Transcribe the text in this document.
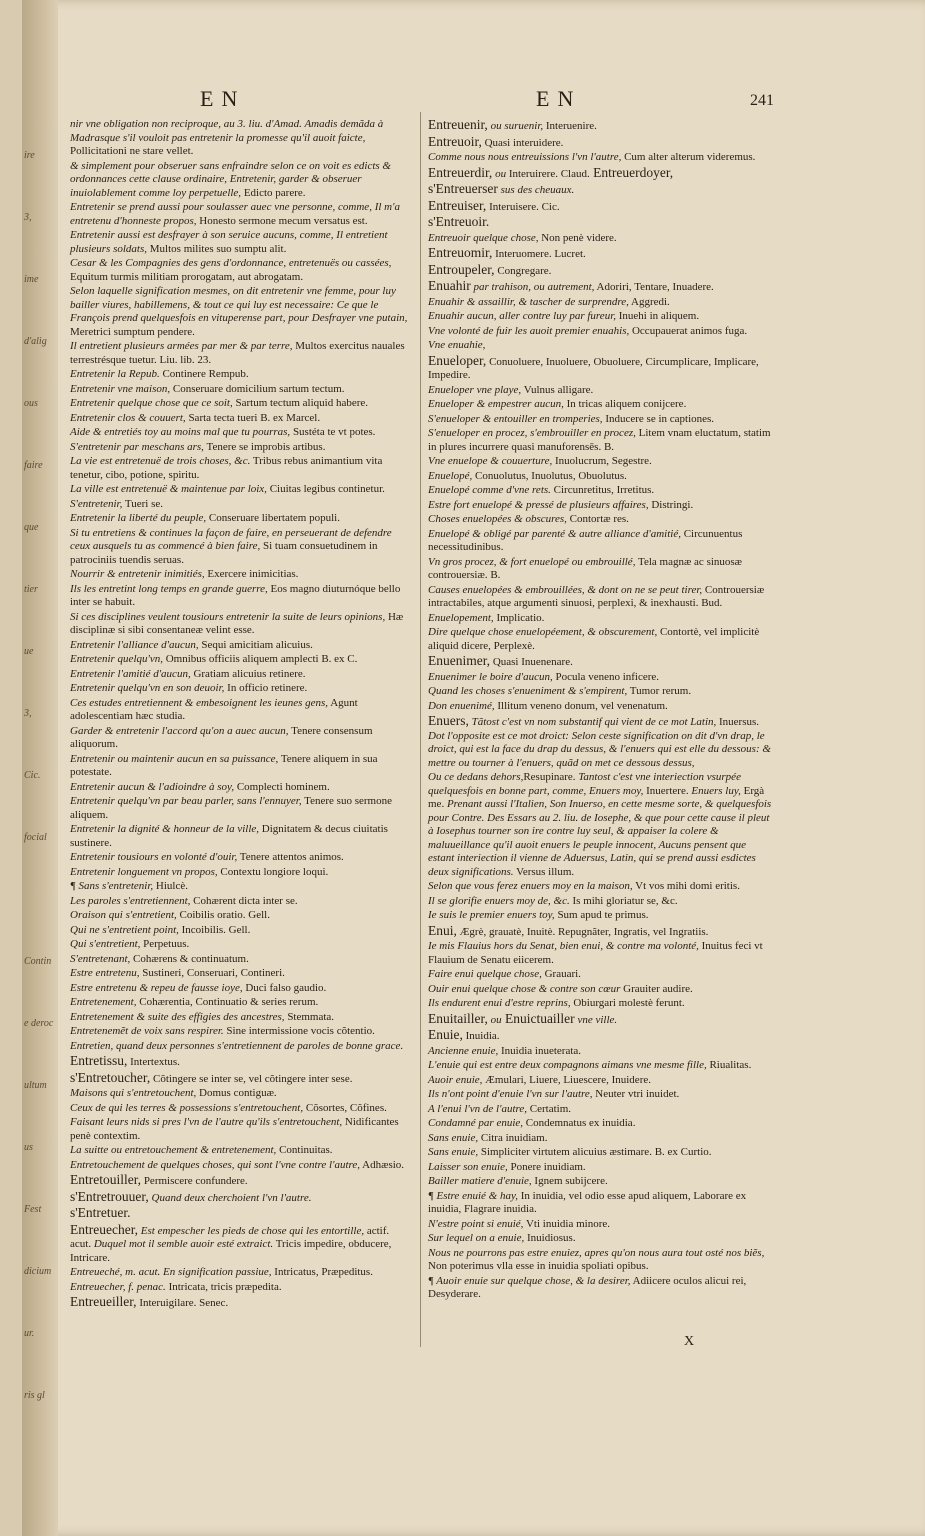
ire
3,
ime
d'alig
ous
faire
que
tier
ue
3,
Cic.
focial
Contin
e deroc
ultum
us
Fest
dicium
ur.
ris gl
EN	EN	241
nir vne obligation non reciproque, au 3. liu. d'Amad. Amadis demãda à Madrasque s'il vouloit pas entretenir la promesse qu'il auoit faicte, Pollicitationi ne stare vellet.
& simplement pour obseruer sans enfraindre selon ce on voit es edicts & ordonnances cette clause ordinaire, Entretenir, garder & obseruer inuiolablement comme loy perpetuelle, Edicto parere.
Entretenir se prend aussi pour soulasser auec vne personne, comme, Il m'a entretenu d'honneste propos, Honesto sermone mecum versatus est.
Entretenir aussi est desfrayer à son seruice aucuns, comme, Il entretient plusieurs soldats, Multos milites suo sumptu alit.
Cesar & les Compagnies des gens d'ordonnance, entretenuës ou cassées, Equitum turmis militiam prorogatam, aut abrogatam.
Selon laquelle signification mesmes, on dit entretenir vne femme, pour luy bailler viures, habillemens, & tout ce qui luy est necessaire: Ce que le François prend quelquesfois en vituperense part, pour Desfrayer vne putain, Meretrici sumptum pendere.
Il entretient plusieurs armées par mer & par terre, Multos exercitus nauales terrestrésque tuetur. Liu. lib. 23.
Entretenir la Repub. Continere Rempub.
Entretenir vne maison, Conseruare domicilium sartum tectum.
Entretenir quelque chose que ce soit, Sartum tectum aliquid habere.
Entretenir clos & couuert, Sarta tecta tueri B. ex Marcel.
Aide & entretiés toy au moins mal que tu pourras, Sustéta te vt potes.
S'entretenir par meschans ars, Tenere se improbis artibus.
La vie est entretenuë de trois choses, &c. Tribus rebus animantium vita tenetur, cibo, potione, spiritu.
La ville est entretenuë & maintenue par loix, Ciuitas legibus continetur.
S'entretenir, Tueri se.
Entretenir la liberté du peuple, Conseruare libertatem populi.
Si tu entretiens & continues la façon de faire, en perseuerant de defendre ceux ausquels tu as commencé à bien faire, Si tuam consuetudinem in patrociniis tuendis seruas.
Nourrir & entretenir inimitiés, Exercere inimicitias.
Ils les entretint long temps en grande guerre, Eos magno diuturnóque bello inter se habuit.
Si ces disciplines veulent tousiours entretenir la suite de leurs opinions, Hæ disciplinæ si sibi consentaneæ velint esse.
Entretenir l'alliance d'aucun, Sequi amicitiam alicuius.
Entretenir quelqu'vn, Omnibus officiis aliquem amplecti B. ex C.
Entretenir l'amitié d'aucun, Gratiam alicuius retinere.
Entretenir quelqu'vn en son deuoir, In officio retinere.
Ces estudes entretiennent & embesoignent les ieunes gens, Agunt adolescentiam hæc studia.
Garder & entretenir l'accord qu'on a auec aucun, Tenere consensum aliquorum.
Entretenir ou maintenir aucun en sa puissance, Tenere aliquem in sua potestate.
Entretenir aucun & l'adioindre à soy, Complecti hominem.
Entretenir quelqu'vn par beau parler, sans l'ennuyer, Tenere suo sermone aliquem.
Entretenir la dignité & honneur de la ville, Dignitatem & decus ciuitatis sustinere.
Entretenir tousiours en volonté d'ouir, Tenere attentos animos.
Entretenir longuement vn propos, Contextu longiore loqui.
¶ Sans s'entretenir, Hiulcè.
Les paroles s'entretiennent, Cohærent dicta inter se.
Oraison qui s'entretient, Coibilis oratio. Gell.
Qui ne s'entretient point, Incoibilis. Gell.
Qui s'entretient, Perpetuus.
S'entretenant, Cohærens & continuatum.
Estre entretenu, Sustineri, Conseruari, Contineri.
Estre entretenu & repeu de fausse ioye, Duci falso gaudio.
Entretenement, Cohærentia, Continuatio & series rerum.
Entretenement & suite des effigies des ancestres, Stemmata.
Entretenemẽt de voix sans respirer. Sine intermissione vocis cõtentio.
Entretien, quand deux personnes s'entretiennent de paroles de bonne grace.
Entretissu, Intertextus.
s'Entretoucher, Cõtingere se inter se, vel cõtingere inter sese.
Maisons qui s'entretouchent, Domus contiguæ.
Ceux de qui les terres & possessions s'entretouchent, Cõsortes, Cõfines.
Faisant leurs nids si pres l'vn de l'autre qu'ils s'entretouchent, Nidificantes penè contextim.
La suitte ou entretouchement & entretenement, Continuitas.
Entretouchement de quelques choses, qui sont l'vne contre l'autre, Adhæsio.
Entretouiller, Permiscere confundere.
s'Entretrouuer, Quand deux cherchoient l'vn l'autre.
s'Entretuer.
Entreuecher, Est empescher les pieds de chose qui les entortille, actif. acut. Duquel mot il semble auoir esté extraict. Tricis impedire, obducere, Intricare.
Entreueché, m. acut. En signification passiue, Intricatus, Præpeditus.
Entreuecher, f. penac. Intricata, tricis præpedita.
Entreueiller, Interuigilare. Senec.
Entreuenir, ou suruenir, Interuenire.
Entreuoir, Quasi interuidere.
Comme nous nous entreuissions l'vn l'autre, Cum alter alterum videremus.
Entreuerdir, ou Interuirere. Claud. Entreuerdoyer,
s'Entreuerser sus des cheuaux.
Entreuiser, Interuisere. Cic.
s'Entreuoir.
Entreuoir quelque chose, Non penè videre.
Entreuomir, Interuomere. Lucret.
Entroupeler, Congregare.
Enuahir par trahison, ou autrement, Adoriri, Tentare, Inuadere.
Enuahir & assaillir, & tascher de surprendre, Aggredi.
Enuahir aucun, aller contre luy par fureur, Inuehi in aliquem.
Vne volonté de fuir les auoit premier enuahis, Occupauerat animos fuga.
Vne enuahie,
Enueloper, Conuoluere, Inuoluere, Obuoluere, Circumplicare, Implicare, Impedire.
Enueloper vne playe, Vulnus alligare.
Enueloper & empestrer aucun, In tricas aliquem conijcere.
S'enueloper & entouiller en tromperies, Inducere se in captiones.
S'enueloper en procez, s'embrouiller en procez, Litem vnam eluctatum, statim in plures incurrere quasi manuforensēs. B.
Vne enuelope & couuerture, Inuolucrum, Segestre.
Enuelopé, Conuolutus, Inuolutus, Obuolutus.
Enuelopé comme d'vne rets. Circunretitus, Irretitus.
Estre fort enuelopé & pressé de plusieurs affaires, Distringi.
Choses enuelopées & obscures, Contortæ res.
Enuelopé & obligé par parenté & autre alliance d'amitié, Circunuentus necessitudinibus.
Vn gros procez, & fort enuelopé ou embrouillé, Tela magnæ ac sinuosæ controuersiæ. B.
Causes enuelopées & embrouillées, & dont on ne se peut tirer, Controuersiæ intractabiles, atque argumenti sinuosi, perplexi, & inexhausti. Bud.
Enuelopement, Implicatio.
Dire quelque chose enuelopéement, & obscurement, Contortè, vel implicitè aliquid dicere, Perplexè.
Enuenimer, Quasi Inuenenare.
Enuenimer le boire d'aucun, Pocula veneno inficere.
Quand les choses s'enueniment & s'empirent, Tumor rerum.
Don enuenimé, Illitum veneno donum, vel venenatum.
Enuers, Tãtost c'est vn nom substantif qui vient de ce mot Latin, Inuersus. Dot l'opposite est ce mot droict: Selon ceste signification on dit d'vn drap, le droict, qui est la face du drap du dessus, & l'enuers qui est elle du dessous: & mettre ou tourner à l'enuers, quãd on met ce dessous dessus,
Ou ce dedans dehors,Resupinare. Tantost c'est vne interiection vsurpée quelquesfois en bonne part, comme, Enuers moy, Inuertere. Enuers luy, Ergà me. Prenant aussi l'Italien, Son Inuerso, en cette mesme sorte, & quelquesfois pour Contre. Des Essars au 2. liu. de Iosephe, & que pour cette cause il pleut à Iosephus tourner son ire contre luy seul, & appaiser la colere & maluueillance qu'il auoit enuers le peuple innocent, Aucuns pensent que estant interiection il vienne de Aduersus, Latin, qui se prend aussi esdictes deux significations. Versus illum.
Selon que vous ferez enuers moy en la maison, Vt vos mihi domi eritis.
Il se glorifie enuers moy de, &c. Is mihi gloriatur se, &c.
Ie suis le premier enuers toy, Sum apud te primus.
Enui, Ægrè, grauatè, Inuitè. Repugnãter, Ingratis, vel Ingratiis.
Ie mis Flauius hors du Senat, bien enui, & contre ma volonté, Inuitus feci vt Flauium de Senatu eiicerem.
Faire enui quelque chose, Grauari.
Ouir enui quelque chose & contre son cœur Grauiter audire.
Ils endurent enui d'estre reprins, Obiurgari molestè ferunt.
Enuitailler, ou Enuictuailler vne ville.
Enuie, Inuidia.
Ancienne enuie, Inuidia inueterata.
L'enuie qui est entre deux compagnons aimans vne mesme fille, Riualitas.
Auoir enuie, Æmulari, Liuere, Liuescere, Inuidere.
Ils n'ont point d'enuie l'vn sur l'autre, Neuter vtri inuidet.
A l'enui l'vn de l'autre, Certatim.
Condamné par enuie, Condemnatus ex inuidia.
Sans enuie, Citra inuidiam.
Sans enuie, Simpliciter virtutem alicuius æstimare. B. ex Curtio.
Laisser son enuie, Ponere inuidiam.
Bailler matiere d'enuie, Ignem subijcere.
¶ Estre enuié & hay, In inuidia, vel odio esse apud aliquem, Laborare ex inuidia, Flagrare inuidia.
N'estre point si enuié, Vti inuidia minore.
Sur lequel on a enuie, Inuidiosus.
Nous ne pourrons pas estre enuiez, apres qu'on nous aura tout osté nos biẽs, Non poterimus vlla esse in inuidia spoliati opibus.
¶ Auoir enuie sur quelque chose, & la desirer, Adiicere oculos alicui rei, Desyderare.
X
